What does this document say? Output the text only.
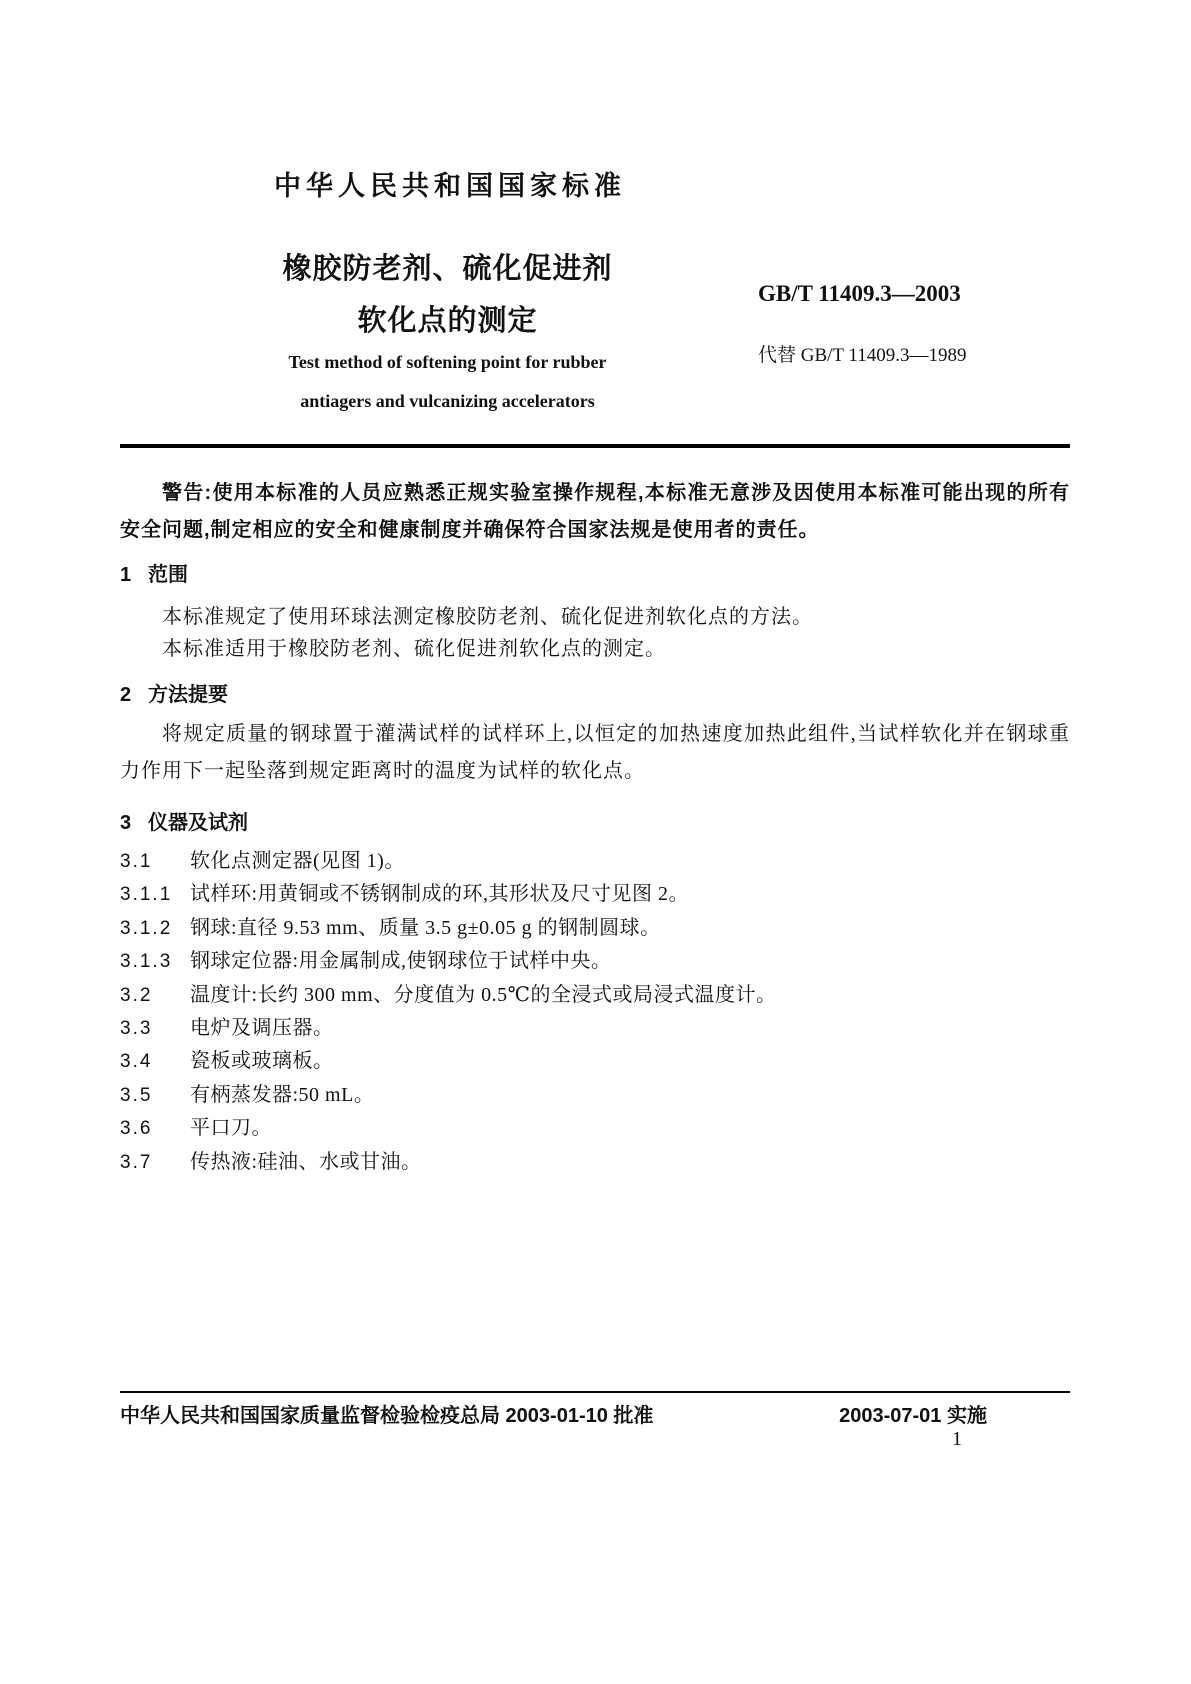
中华人民共和国国家标准
橡胶防老剂、硫化促进剂
软化点的测定
GB/T 11409.3—2003
代替 GB/T 11409.3—1989
Test method of softening point for rubber
antiagers and vulcanizing accelerators

警告:使用本标准的人员应熟悉正规实验室操作规程,本标准无意涉及因使用本标准可能出现的所有安全问题,制定相应的安全和健康制度并确保符合国家法规是使用者的责任。

1 范围

本标准规定了使用环球法测定橡胶防老剂、硫化促进剂软化点的方法。

本标准适用于橡胶防老剂、硫化促进剂软化点的测定。

2 方法提要

将规定质量的钢球置于灌满试样的试样环上,以恒定的加热速度加热此组件,当试样软化并在钢球重力作用下一起坠落到规定距离时的温度为试样的软化点。

3 仪器及试剂
3.1 软化点测定器(见图 1)。
3.1.1 试样环:用黄铜或不锈钢制成的环,其形状及尺寸见图 2。
3.1.2 钢球:直径 9.53 mm、质量 3.5 g±0.05 g 的钢制圆球。
3.1.3 钢球定位器:用金属制成,使钢球位于试样中央。
3.2 温度计:长约 300 mm、分度值为 0.5℃的全浸式或局浸式温度计。
3.3 电炉及调压器。
3.4 瓷板或玻璃板。
3.5 有柄蒸发器:50 mL。
3.6 平口刀。
3.7 传热液:硅油、水或甘油。
中华人民共和国国家质量监督检验检疫总局 2003-01-10 批准	2003-07-01 实施
1
